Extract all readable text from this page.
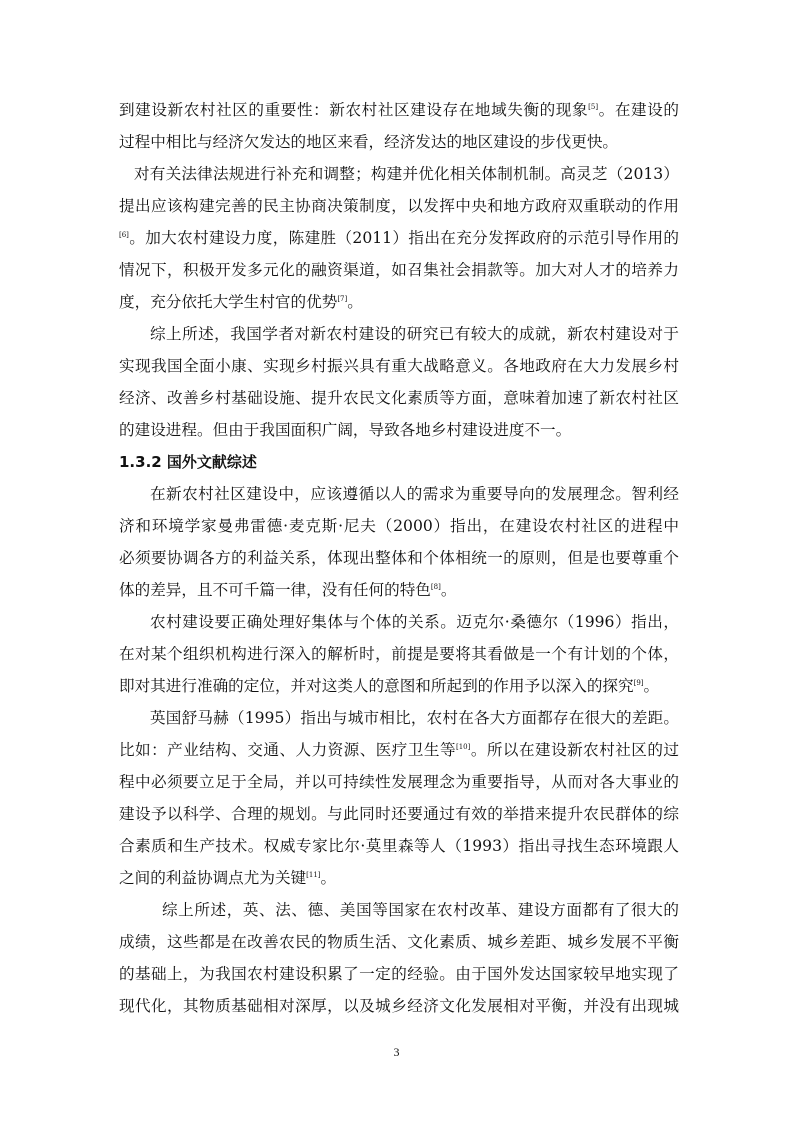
到建设新农村社区的重要性：新农村社区建设存在地域失衡的现象[5]。在建设的
过程中相比与经济欠发达的地区来看，经济发达的地区建设的步伐更快。
对有关法律法规进行补充和调整；构建并优化相关体制机制。高灵芝（2013）
提出应该构建完善的民主协商决策制度，以发挥中央和地方政府双重联动的作用
[6]。加大农村建设力度，陈建胜（2011）指出在充分发挥政府的示范引导作用的
情况下，积极开发多元化的融资渠道，如召集社会捐款等。加大对人才的培养力
度，充分依托大学生村官的优势[7]。
综上所述，我国学者对新农村建设的研究已有较大的成就，新农村建设对于
实现我国全面小康、实现乡村振兴具有重大战略意义。各地政府在大力发展乡村
经济、改善乡村基础设施、提升农民文化素质等方面，意味着加速了新农村社区
的建设进程。但由于我国面积广阔，导致各地乡村建设进度不一。
1.3.2 国外文献综述
在新农村社区建设中，应该遵循以人的需求为重要导向的发展理念。智利经
济和环境学家曼弗雷德·麦克斯·尼夫（2000）指出，在建设农村社区的进程中
必须要协调各方的利益关系，体现出整体和个体相统一的原则，但是也要尊重个
体的差异，且不可千篇一律，没有任何的特色[8]。
农村建设要正确处理好集体与个体的关系。迈克尔·桑德尔（1996）指出，
在对某个组织机构进行深入的解析时，前提是要将其看做是一个有计划的个体，
即对其进行准确的定位，并对这类人的意图和所起到的作用予以深入的探究[9]。
英国舒马赫（1995）指出与城市相比，农村在各大方面都存在很大的差距。
比如：产业结构、交通、人力资源、医疗卫生等[10]。所以在建设新农村社区的过
程中必须要立足于全局，并以可持续性发展理念为重要指导，从而对各大事业的
建设予以科学、合理的规划。与此同时还要通过有效的举措来提升农民群体的综
合素质和生产技术。权威专家比尔·莫里森等人（1993）指出寻找生态环境跟人
之间的利益协调点尤为关键[11]。
综上所述，英、法、德、美国等国家在农村改革、建设方面都有了很大的
成绩，这些都是在改善农民的物质生活、文化素质、城乡差距、城乡发展不平衡
的基础上，为我国农村建设积累了一定的经验。由于国外发达国家较早地实现了
现代化，其物质基础相对深厚，以及城乡经济文化发展相对平衡，并没有出现城
3
